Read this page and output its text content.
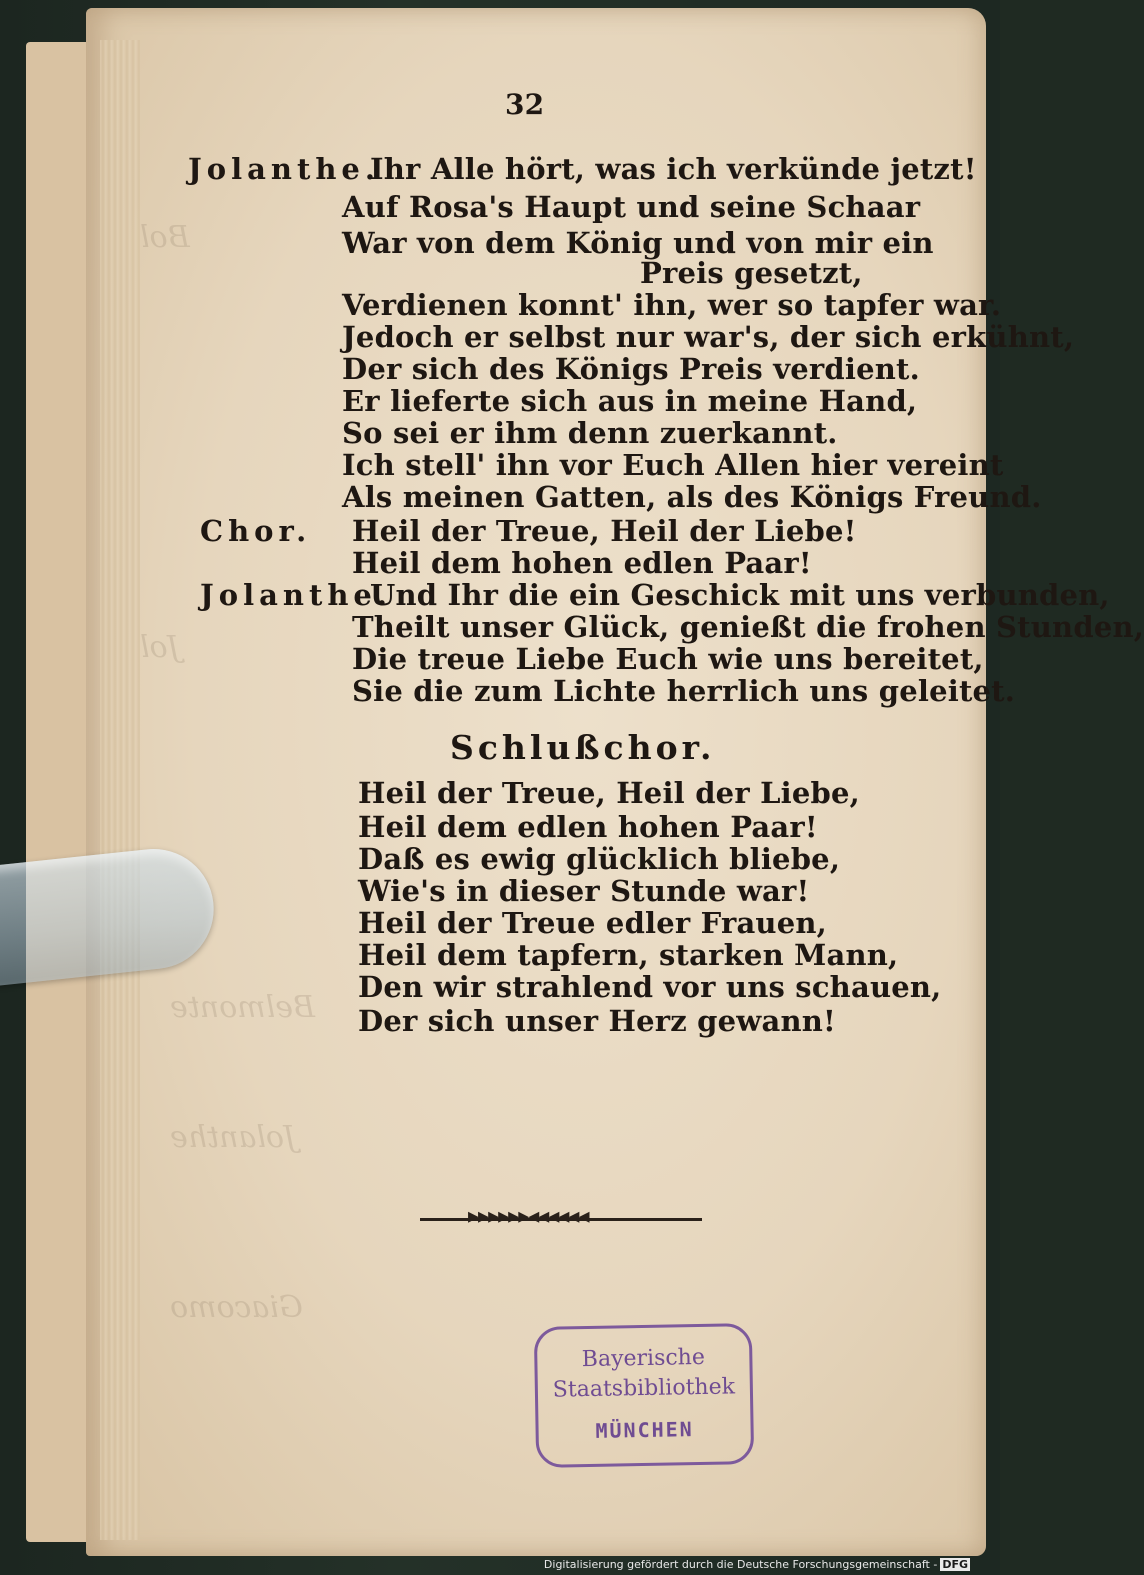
Bol
Jol
Belmonte
Jolanthe
Giacomo
32
Jolanthe.
Ihr Alle hört, was ich verkünde jetzt!
Auf Rosa's Haupt und seine Schaar
War von dem König und von mir ein
Preis gesetzt,
Verdienen konnt' ihn, wer so tapfer war.
Jedoch er selbst nur war's, der sich erkühnt,
Der sich des Königs Preis verdient.
Er lieferte sich aus in meine Hand,
So sei er ihm denn zuerkannt.
Ich stell' ihn vor Euch Allen hier vereint
Als meinen Gatten, als des Königs Freund.
Chor. Heil der Treue, Heil der Liebe!
Heil dem hohen edlen Paar!
Jolanthe.
Und Ihr die ein Geschick mit uns verbunden,
Theilt unser Glück, genießt die frohen Stunden,
Die treue Liebe Euch wie uns bereitet,
Sie die zum Lichte herrlich uns geleitet.
Schlußchor.
Heil der Treue, Heil der Liebe,
Heil dem edlen hohen Paar!
Daß es ewig glücklich bliebe,
Wie's in dieser Stunde war!
Heil der Treue edler Frauen,
Heil dem tapfern, starken Mann,
Den wir strahlend vor uns schauen,
Der sich unser Herz gewann!
▸▸▸▸▸▸◂◂◂◂◂◂
Bayerische
Staatsbibliothek
MÜNCHEN
Digitalisierung gefördert durch die Deutsche Forschungsgemeinschaft - DFG
